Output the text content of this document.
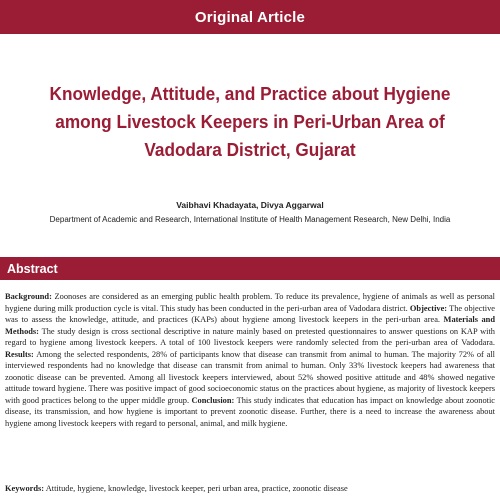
Original Article
Knowledge, Attitude, and Practice about Hygiene among Livestock Keepers in Peri-Urban Area of Vadodara District, Gujarat
Vaibhavi Khadayata, Divya Aggarwal
Department of Academic and Research, International Institute of Health Management Research, New Delhi, India
Abstract
Background: Zoonoses are considered as an emerging public health problem. To reduce its prevalence, hygiene of animals as well as personal hygiene during milk production cycle is vital. This study has been conducted in the peri-urban area of Vadodara district. Objective: The objective was to assess the knowledge, attitude, and practices (KAPs) about hygiene among livestock keepers in the peri-urban area. Materials and Methods: The study design is cross sectional descriptive in nature mainly based on pretested questionnaires to answer questions on KAP with regard to hygiene among livestock keepers. A total of 100 livestock keepers were randomly selected from the peri-urban area of Vadodara. Results: Among the selected respondents, 28% of participants know that disease can transmit from animal to human. The majority 72% of all interviewed respondents had no knowledge that disease can transmit from animal to human. Only 33% livestock keepers had awareness that zoonotic disease can be prevented. Among all livestock keepers interviewed, about 52% showed positive attitude and 48% showed negative attitude toward hygiene. There was positive impact of good socioeconomic status on the practices about hygiene, as majority of livestock keepers with good practices belong to the upper middle group. Conclusion: This study indicates that education has impact on knowledge about zoonotic disease, its transmission, and how hygiene is important to prevent zoonotic disease. Further, there is a need to increase the awareness about hygiene among livestock keepers with regard to personal, animal, and milk hygiene.
Keywords: Attitude, hygiene, knowledge, livestock keeper, peri urban area, practice, zoonotic disease
